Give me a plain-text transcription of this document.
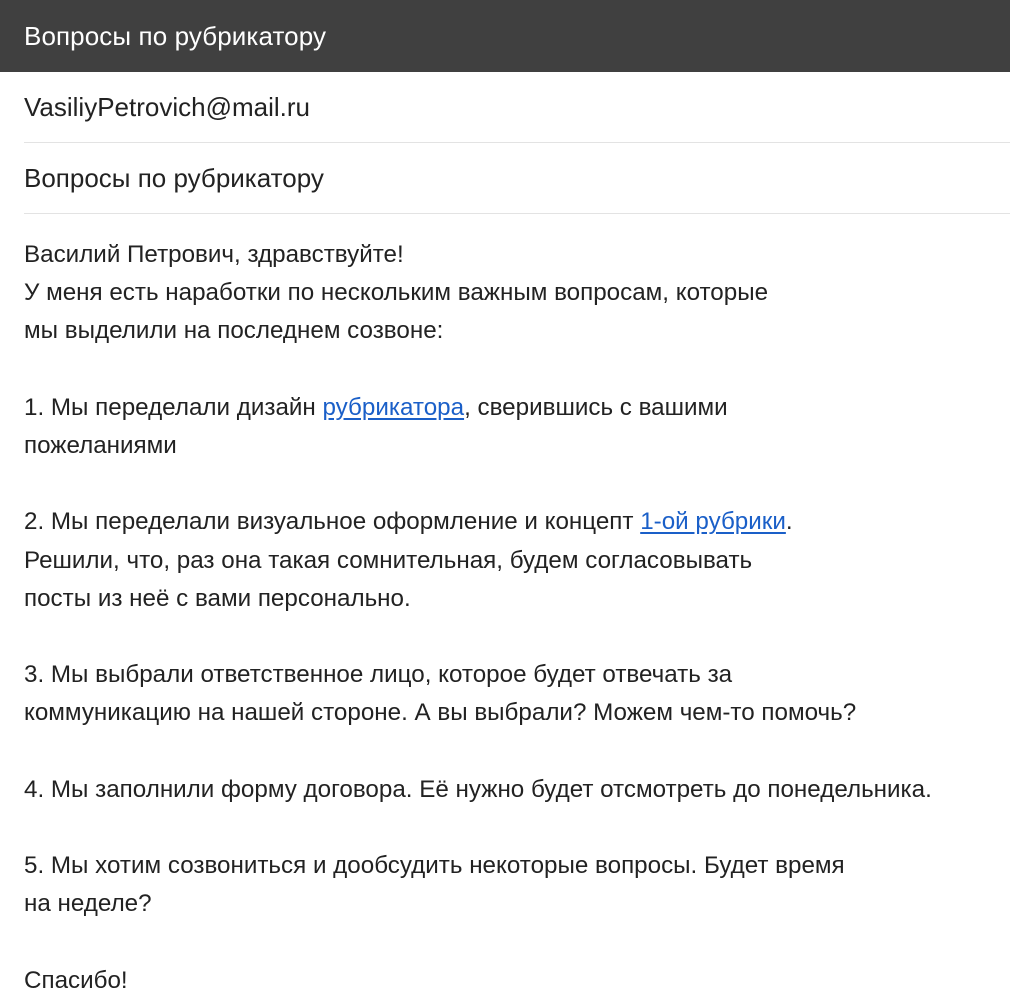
Вопросы по рубрикатору
VasiliyPetrovich@mail.ru
Вопросы по рубрикатору
Василий Петрович, здравствуйте!
У меня есть наработки по нескольким важным вопросам, которые
мы выделили на последнем созвоне:
1. Мы переделали дизайн рубрикатора, сверившись с вашими
пожеланиями
2. Мы переделали визуальное оформление и концепт 1-ой рубрики.
Решили, что, раз она такая сомнительная, будем согласовывать
посты из неё с вами персонально.
3. Мы выбрали ответственное лицо, которое будет отвечать за
коммуникацию на нашей стороне. А вы выбрали? Можем чем-то помочь?
4. Мы заполнили форму договора. Её нужно будет отсмотреть до понедельника.
5. Мы хотим созвониться и дообсудить некоторые вопросы. Будет время
на неделе?
Спасибо!
